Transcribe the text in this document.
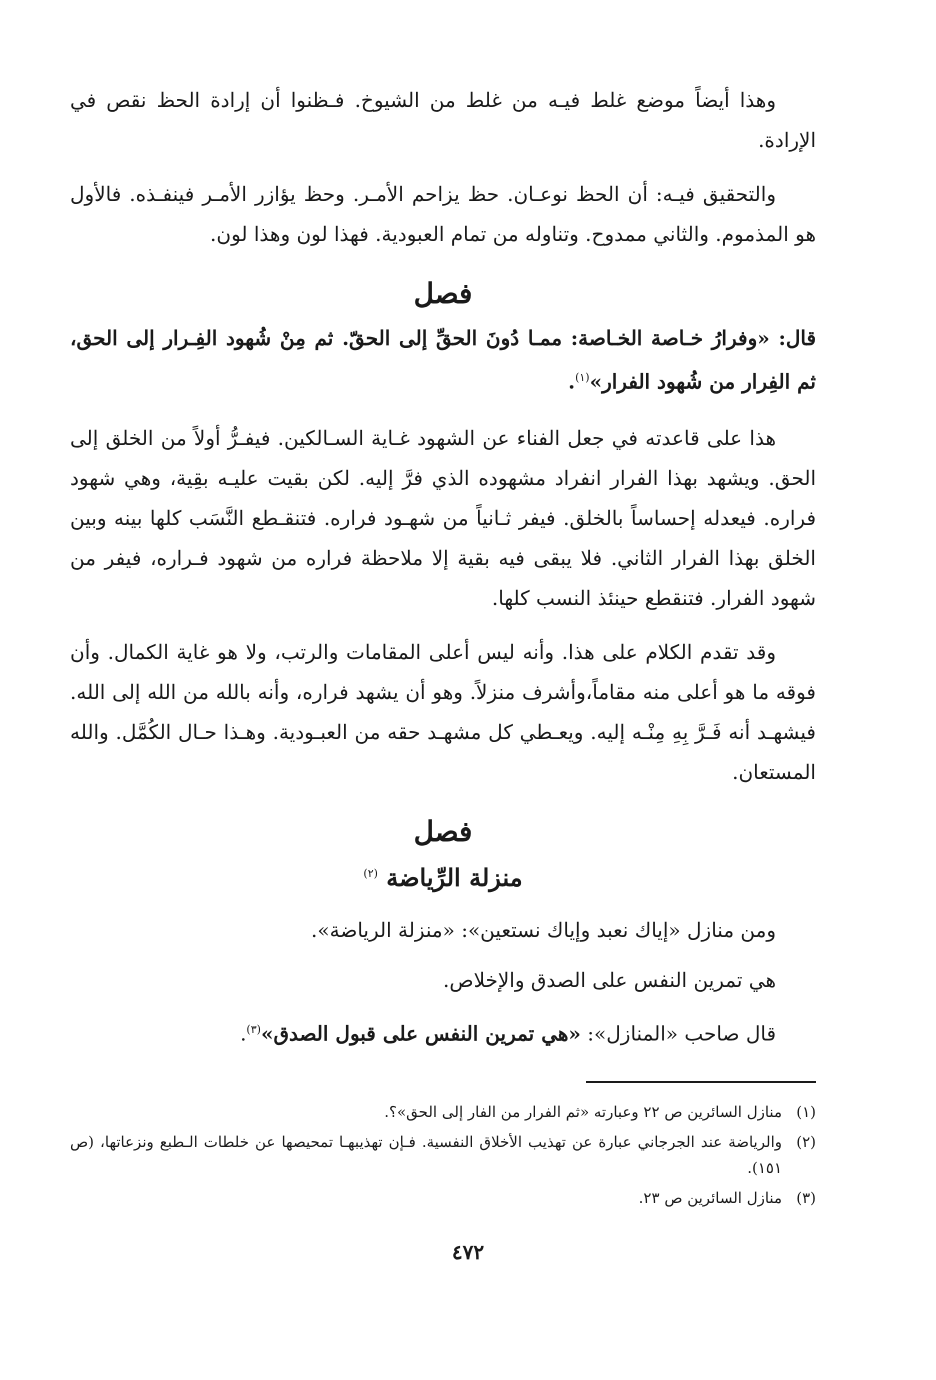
وهذا أيضاً موضع غلط فيـه من غلط من الشيوخ. فـظنوا أن إرادة الحظ نقص في الإرادة.

والتحقيق فيـه: أن الحظ نوعـان. حظ يزاحم الأمـر. وحظ يؤازر الأمـر فينفـذه. فالأول هو المذموم. والثاني ممدوح. وتناوله من تمام العبودية. فهذا لون وهذا لون.

فصل

قال: «وفرارُ خـاصة الخـاصة: ممـا دُونَ الحقِّ إلى الحقّ. ثم مِنْ شُهود الفِـرار إلى الحق، ثم الفِرار من شُهود الفرار»$^{(١)}$.

هذا على قاعدته في جعل الفناء عن الشهود غـاية السـالكين. فيفـرُّ أولاً من الخلق إلى الحق. ويشهد بهذا الفرار انفراد مشهوده الذي فرَّ إليه. لكن بقيت عليـه بقِية، وهي شهود فراره. فيعدله إحساساً بالخلق. فيفر ثـانياً من شهـود فراره. فتنقـطع النَّسَب كلها بينه وبين الخلق بهذا الفرار الثاني. فلا يبقى فيه بقية إلا ملاحظة فراره من شهود فـراره، فيفر من شهود الفرار. فتنقطع حينئذ النسب كلها.

وقد تقدم الكلام على هذا. وأنه ليس أعلى المقامات والرتب، ولا هو غاية الكمال. وأن فوقه ما هو أعلى منه مقاماً،وأشرف منزلاً. وهو أن يشهد فراره، وأنه بالله من الله إلى الله. فيشهـد أنه فَـرَّ بِهِ مِنْـه إليه. ويعـطي كل مشهـد حقه من العبـودية. وهـذا حـال الكُمَّل. والله المستعان.

فصل
منزلة الرِّياضة $^{(٢)}$

ومن منازل «إياك نعبد وإياك نستعين»: «منزلة الرياضة».

هي تمرين النفس على الصدق والإخلاص.

قال صاحب «المنازل»: «هي تمرين النفس على قبول الصدق»$^{(٣)}$.

(١)
منازل السائرين ص ٢٢ وعبارته «ثم الفرار من الفار إلى الحق»؟.
(٢)
والرياضة عند الجرجاني عبارة عن تهذيب الأخلاق النفسية. فـإن تهذيبهـا تمحيصها عن خلطات الـطبع ونزعاتها، (ص ١٥١).
(٣)
منازل السائرين ص ٢٣.
٤٧٢
